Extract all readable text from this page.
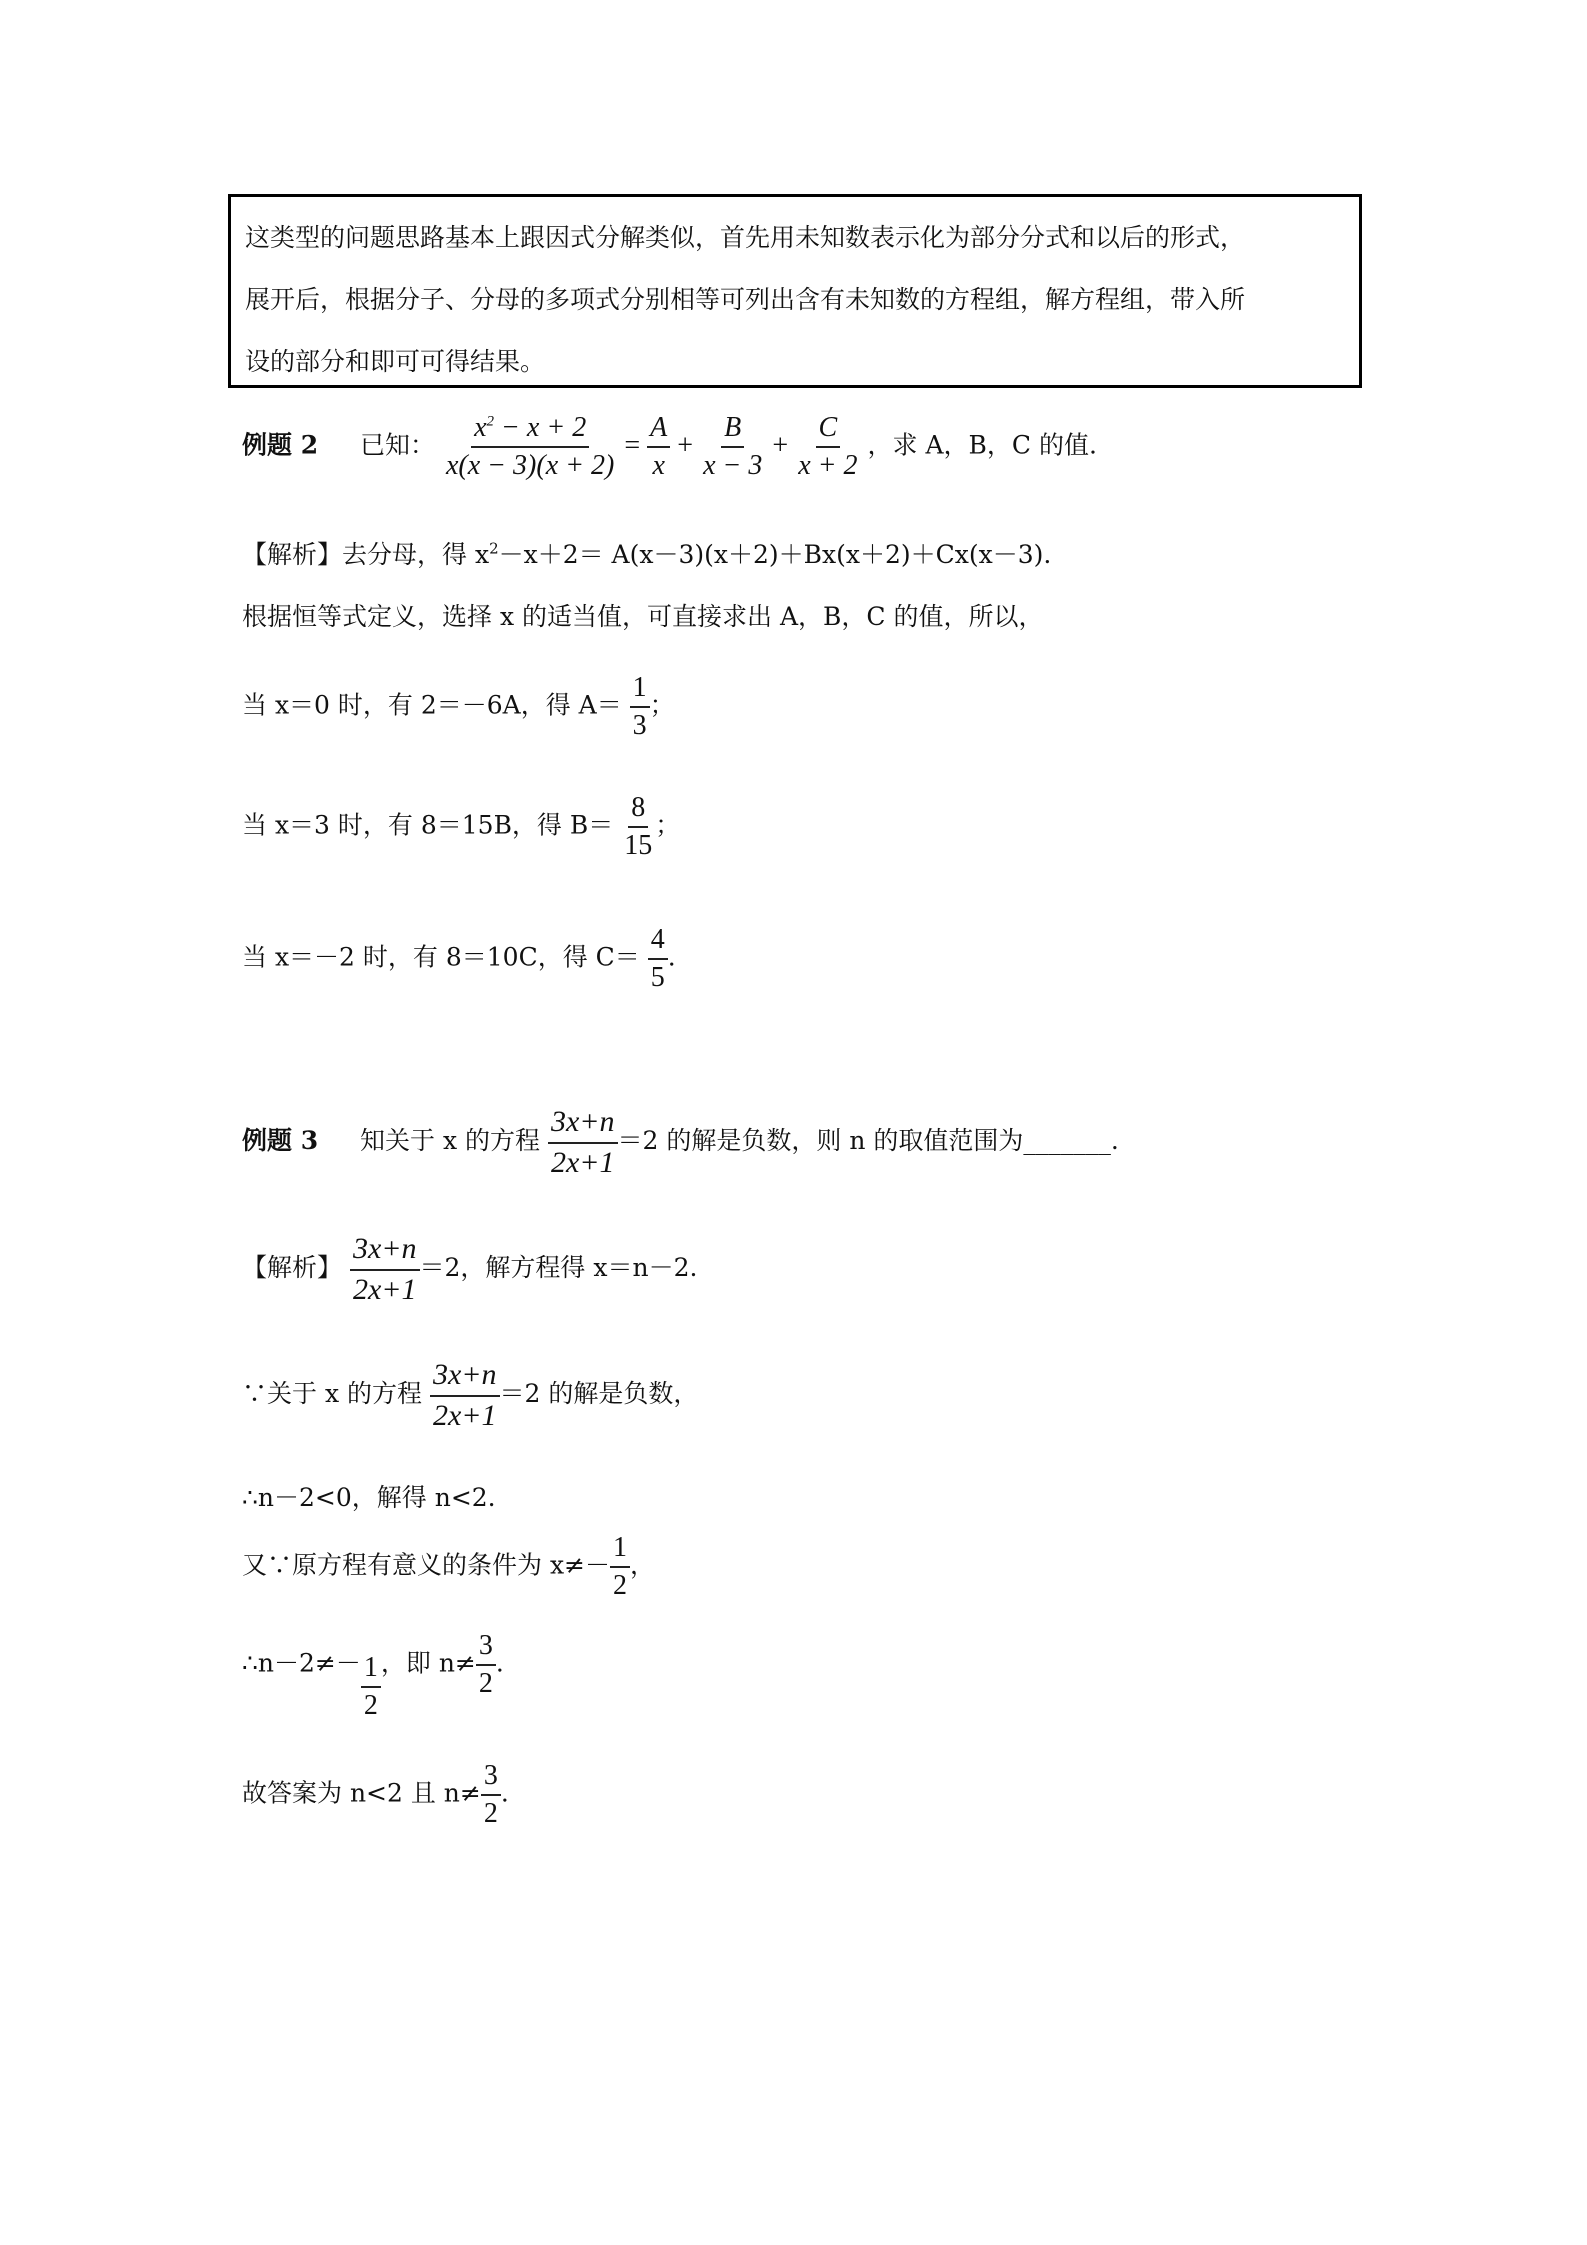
这类型的问题思路基本上跟因式分解类似，首先用未知数表示化为部分分式和以后的形式，

展开后，根据分子、分母的多项式分别相等可列出含有未知数的方程组，解方程组，带入所

设的部分和即可可得结果。

例题 2 已知： $\frac{x^2 - x + 2}{x(x - 3)(x + 2)} = \frac{A}{x} + \frac{B}{x - 3} + \frac{C}{x + 2}$ ，求 A，B，C 的值.
【解析】去分母，得 $x^2-x+2= A(x-3)(x+2)+Bx(x+2)+Cx(x-3)$.
根据恒等式定义，选择 x 的适当值，可直接求出 A，B，C 的值，所以，
当 x＝0 时，有 2＝－6A，得 $A= \frac{1}{3}$ ；
当 x＝3 时，有 8＝15B，得 $B= \frac{8}{15}$ ；
当 x＝－2 时，有 8＝10C，得 $C= \frac{4}{5}$ .
例题 3 知关于 x 的方程 $\frac{3x+n}{2x+1} =2$ 的解是负数，则 n 的取值范围为_______.
【解析】 $\frac{3x+n}{2x+1} =2$，解方程得 x＝n－2.
∵关于 x 的方程 $\frac{3x+n}{2x+1} =2$ 的解是负数，
∴n－2<0，解得 n<2.
又∵原方程有意义的条件为 $x\ne- \frac{1}{2}$ ，
∴n－2≠－ $\frac{1}{2}$ ，即 $n\ne \frac{3}{2}$ .
故答案为 n<2 且 $n\ne \frac{3}{2}$ .
